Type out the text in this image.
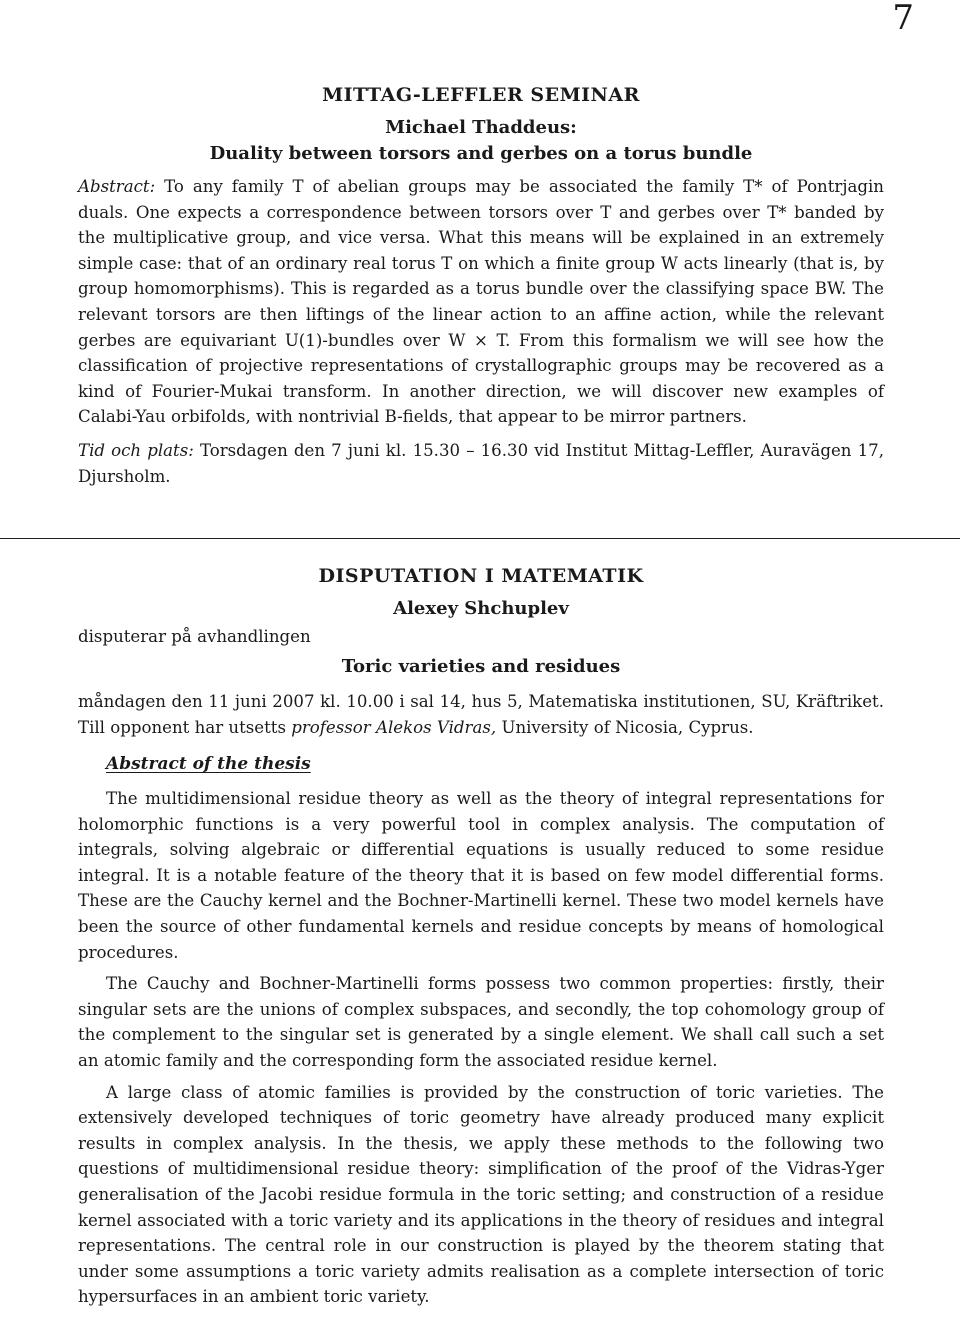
7
MITTAG-LEFFLER SEMINAR
Michael Thaddeus:
Duality between torsors and gerbes on a torus bundle

Abstract: To any family T of abelian groups may be associated the family T* of Pontrjagin duals. One expects a correspondence between torsors over T and gerbes over T* banded by the multiplicative group, and vice versa. What this means will be explained in an extremely simple case: that of an ordinary real torus T on which a finite group W acts linearly (that is, by group homomorphisms). This is regarded as a torus bundle over the classifying space BW. The relevant torsors are then liftings of the linear action to an affine action, while the relevant gerbes are equivariant U(1)-bundles over W × T. From this formalism we will see how the classification of projective representations of crystallographic groups may be recovered as a kind of Fourier-Mukai transform. In another direction, we will discover new examples of Calabi-Yau orbifolds, with nontrivial B-fields, that appear to be mirror partners.

Tid och plats: Torsdagen den 7 juni kl. 15.30 – 16.30 vid Institut Mittag-Leffler, Auravägen 17, Djursholm.

DISPUTATION I MATEMATIK
Alexey Shchuplev
disputerar på avhandlingen
Toric varieties and residues

måndagen den 11 juni 2007 kl. 10.00 i sal 14, hus 5, Matematiska institutionen, SU, Kräftriket. Till opponent har utsetts professor Alekos Vidras, University of Nicosia, Cyprus.

Abstract of the thesis

The multidimensional residue theory as well as the theory of integral representations for holomorphic functions is a very powerful tool in complex analysis. The computation of integrals, solving algebraic or differential equations is usually reduced to some residue integral. It is a notable feature of the theory that it is based on few model differential forms. These are the Cauchy kernel and the Bochner-Martinelli kernel. These two model kernels have been the source of other fundamental kernels and residue concepts by means of homological procedures.

The Cauchy and Bochner-Martinelli forms possess two common properties: firstly, their singular sets are the unions of complex subspaces, and secondly, the top cohomology group of the complement to the singular set is generated by a single element. We shall call such a set an atomic family and the corresponding form the associated residue kernel.

A large class of atomic families is provided by the construction of toric varieties. The extensively developed techniques of toric geometry have already produced many explicit results in complex analysis. In the thesis, we apply these methods to the following two questions of multidimensional residue theory: simplification of the proof of the Vidras-Yger generalisation of the Jacobi residue formula in the toric setting; and construction of a residue kernel associated with a toric variety and its applications in the theory of residues and integral representations. The central role in our construction is played by the theorem stating that under some assumptions a toric variety admits realisation as a complete intersection of toric hypersurfaces in an ambient toric variety.
